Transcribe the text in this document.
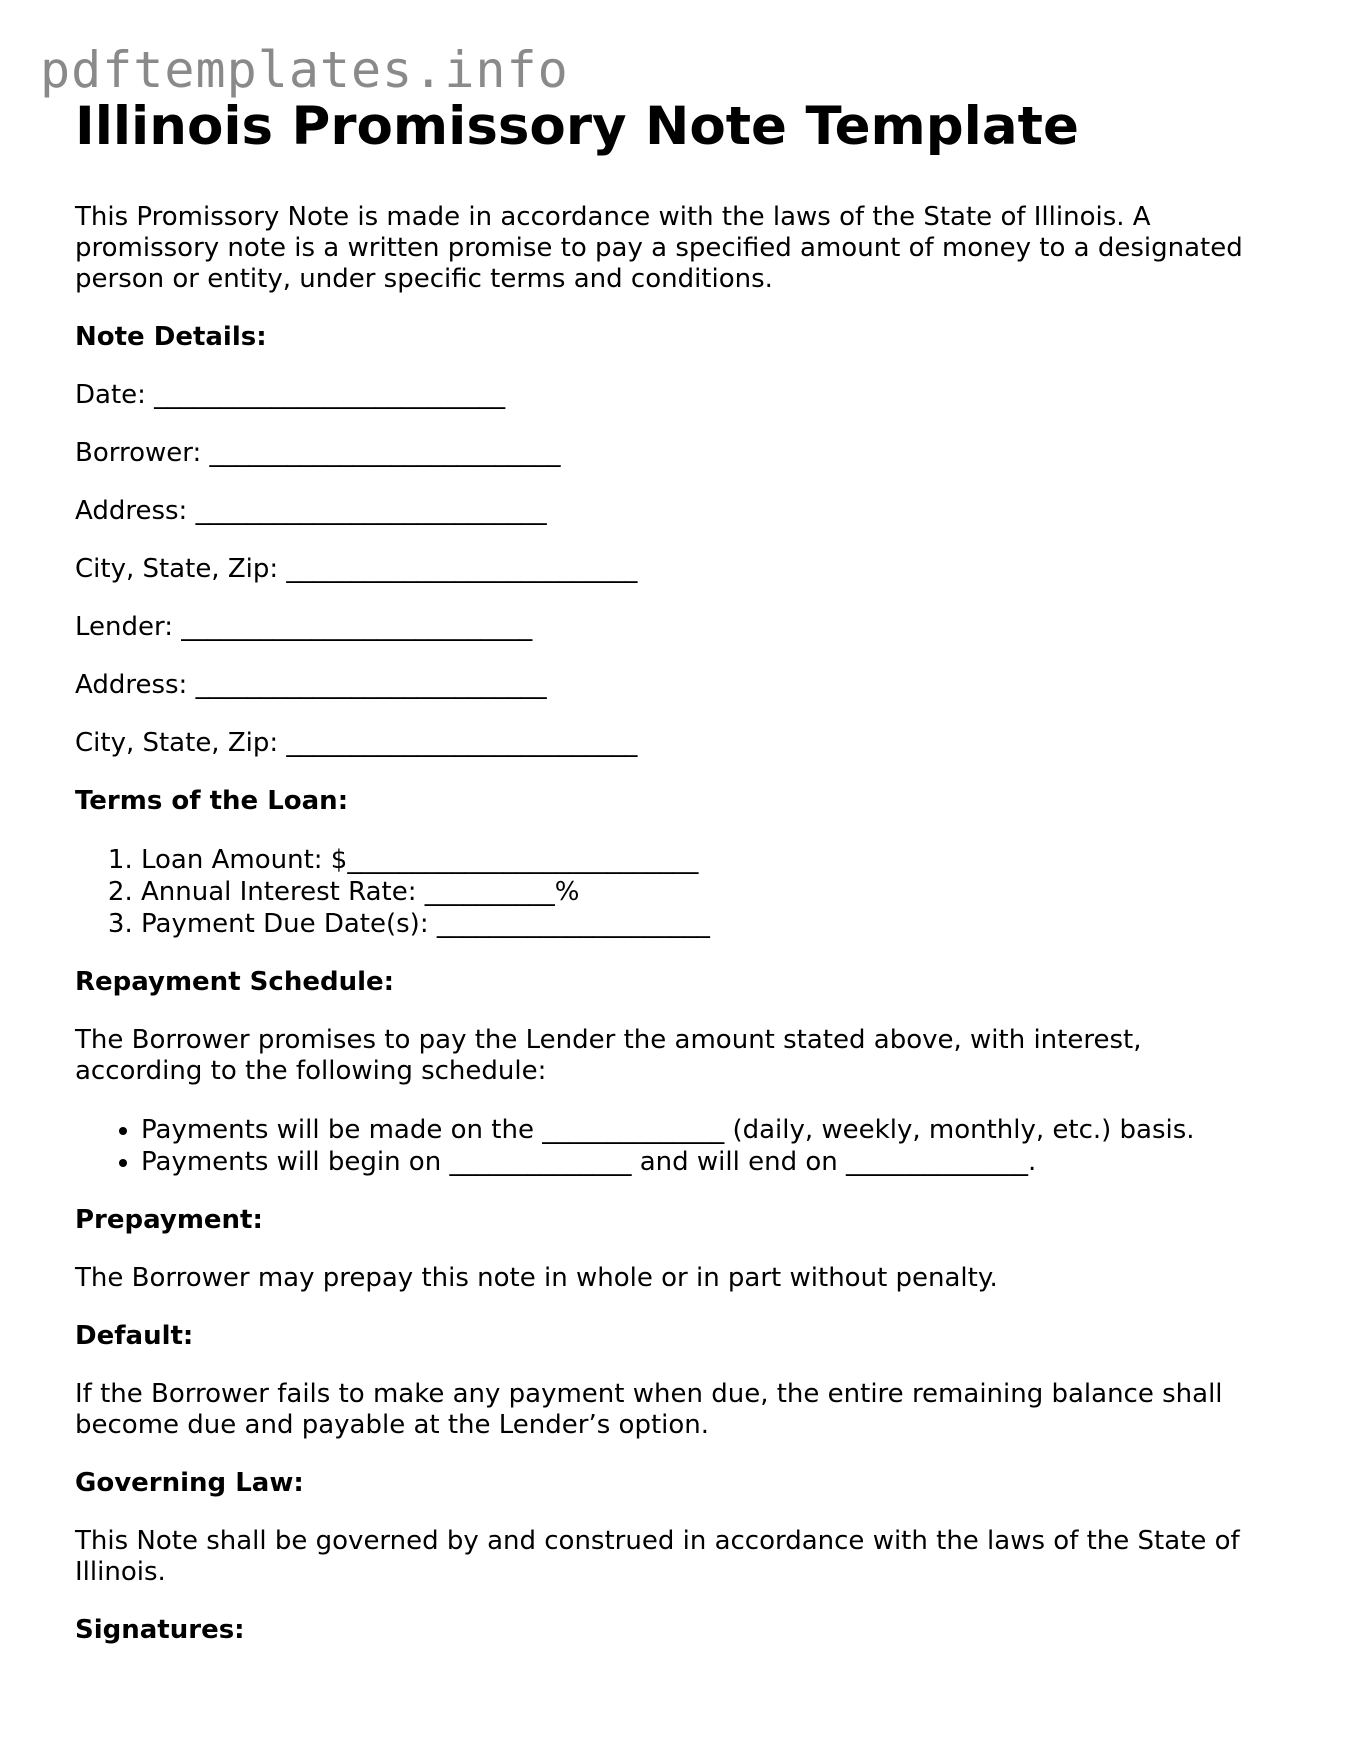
pdftemplates.info
Illinois Promissory Note Template

This Promissory Note is made in accordance with the laws of the State of Illinois. A promissory note is a written promise to pay a specified amount of money to a designated person or entity, under specific terms and conditions.

Note Details:

Date: ___________________________

Borrower: ___________________________

Address: ___________________________

City, State, Zip: ___________________________

Lender: ___________________________

Address: ___________________________

City, State, Zip: ___________________________

Terms of the Loan:

1. Loan Amount: $___________________________
2. Annual Interest Rate: __________%
3. Payment Due Date(s): _____________________

Repayment Schedule:

The Borrower promises to pay the Lender the amount stated above, with interest, according to the following schedule:

• Payments will be made on the ______________ (daily, weekly, monthly, etc.) basis.
• Payments will begin on ______________ and will end on ______________.

Prepayment:

The Borrower may prepay this note in whole or in part without penalty.

Default:

If the Borrower fails to make any payment when due, the entire remaining balance shall become due and payable at the Lender’s option.

Governing Law:

This Note shall be governed by and construed in accordance with the laws of the State of Illinois.

Signatures:
